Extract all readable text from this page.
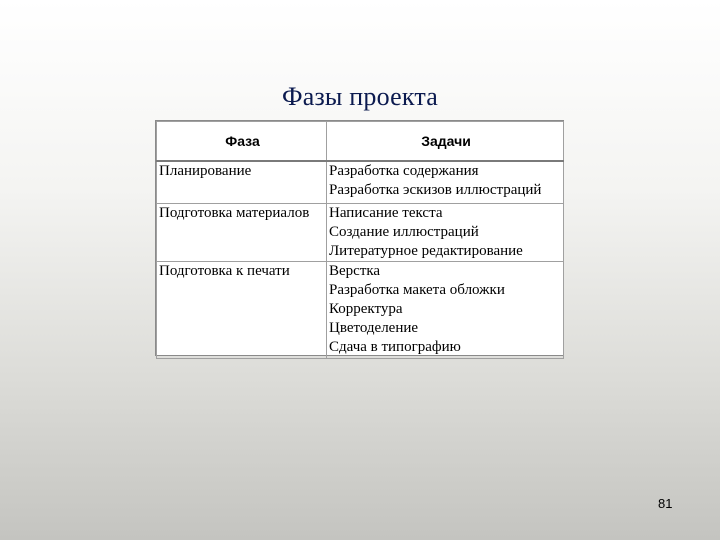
Фазы проекта
Фаза	Задачи
Планирование	Разработка содержания
Разработка эскизов иллюстраций

Подготовка материалов	Написание текста
Создание иллюстраций
Литературное редактирование

Подготовка к печати	Верстка
Разработка макета обложки
Корректура
Цветоделение
Сдача в типографию
81
